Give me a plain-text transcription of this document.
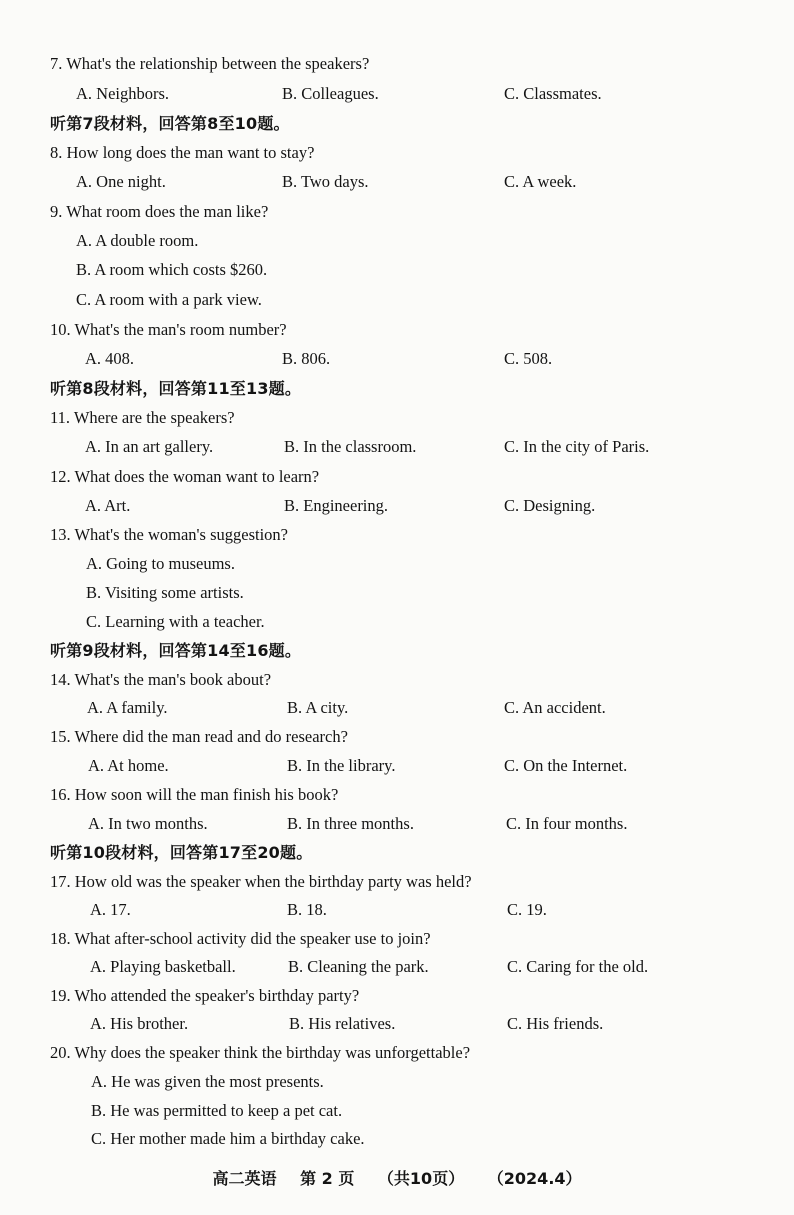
7. What's the relationship between the speakers?
A. Neighbors.	B. Colleagues.	C. Classmates.
听第7段材料，回答第8至10题。
8. How long does the man want to stay?
A. One night.	B. Two days.	C. A week.
9. What room does the man like?
A. A double room.
B. A room which costs $260.
C. A room with a park view.
10. What's the man's room number?
A. 408.	B. 806.	C. 508.
听第8段材料，回答第11至13题。
11. Where are the speakers?
A. In an art gallery.	B. In the classroom.	C. In the city of Paris.
12. What does the woman want to learn?
A. Art.	B. Engineering.	C. Designing.
13. What's the woman's suggestion?
A. Going to museums.
B. Visiting some artists.
C. Learning with a teacher.
听第9段材料，回答第14至16题。
14. What's the man's book about?
A. A family.	B. A city.	C. An accident.
15. Where did the man read and do research?
A. At home.	B. In the library.	C. On the Internet.
16. How soon will the man finish his book?
A. In two months.	B. In three months.	C. In four months.
听第10段材料，回答第17至20题。
17. How old was the speaker when the birthday party was held?
A. 17.	B. 18.	C. 19.
18. What after-school activity did the speaker use to join?
A. Playing basketball.	B. Cleaning the park.	C. Caring for the old.
19. Who attended the speaker's birthday party?
A. His brother.	B. His relatives.	C. His friends.
20. Why does the speaker think the birthday was unforgettable?
A. He was given the most presents.
B. He was permitted to keep a pet cat.
C. Her mother made him a birthday cake.
高二英语 第 2 页 （共10页） （2024.4）
